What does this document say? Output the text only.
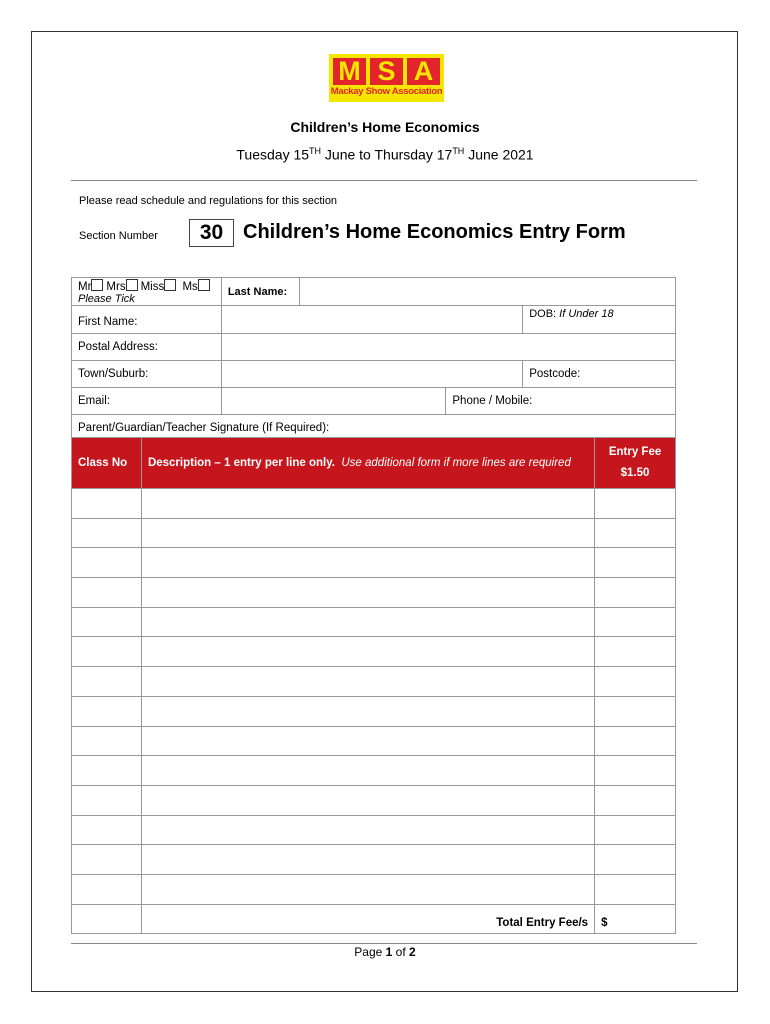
M S A
Mackay Show Association
Children’s Home Economics
Tuesday 15TH June to Thursday 17TH June 2021
Please read schedule and regulations for this section
Section Number	30 Children’s Home Economics Entry Form
Mr Mrs Miss Ms
Please Tick	Last Name:			
First Name:				DOB: If Under 18
Postal Address:				
Town/Suburb:				Postcode:
Email:			Phone / Mobile:	
Parent/Guardian/Teacher Signature (If Required):				
Class No	Description – 1 entry per line only. Use additional form if more lines are required	Entry Fee
$1.50

	Total Entry Fee/s	$
Page 1 of 2
